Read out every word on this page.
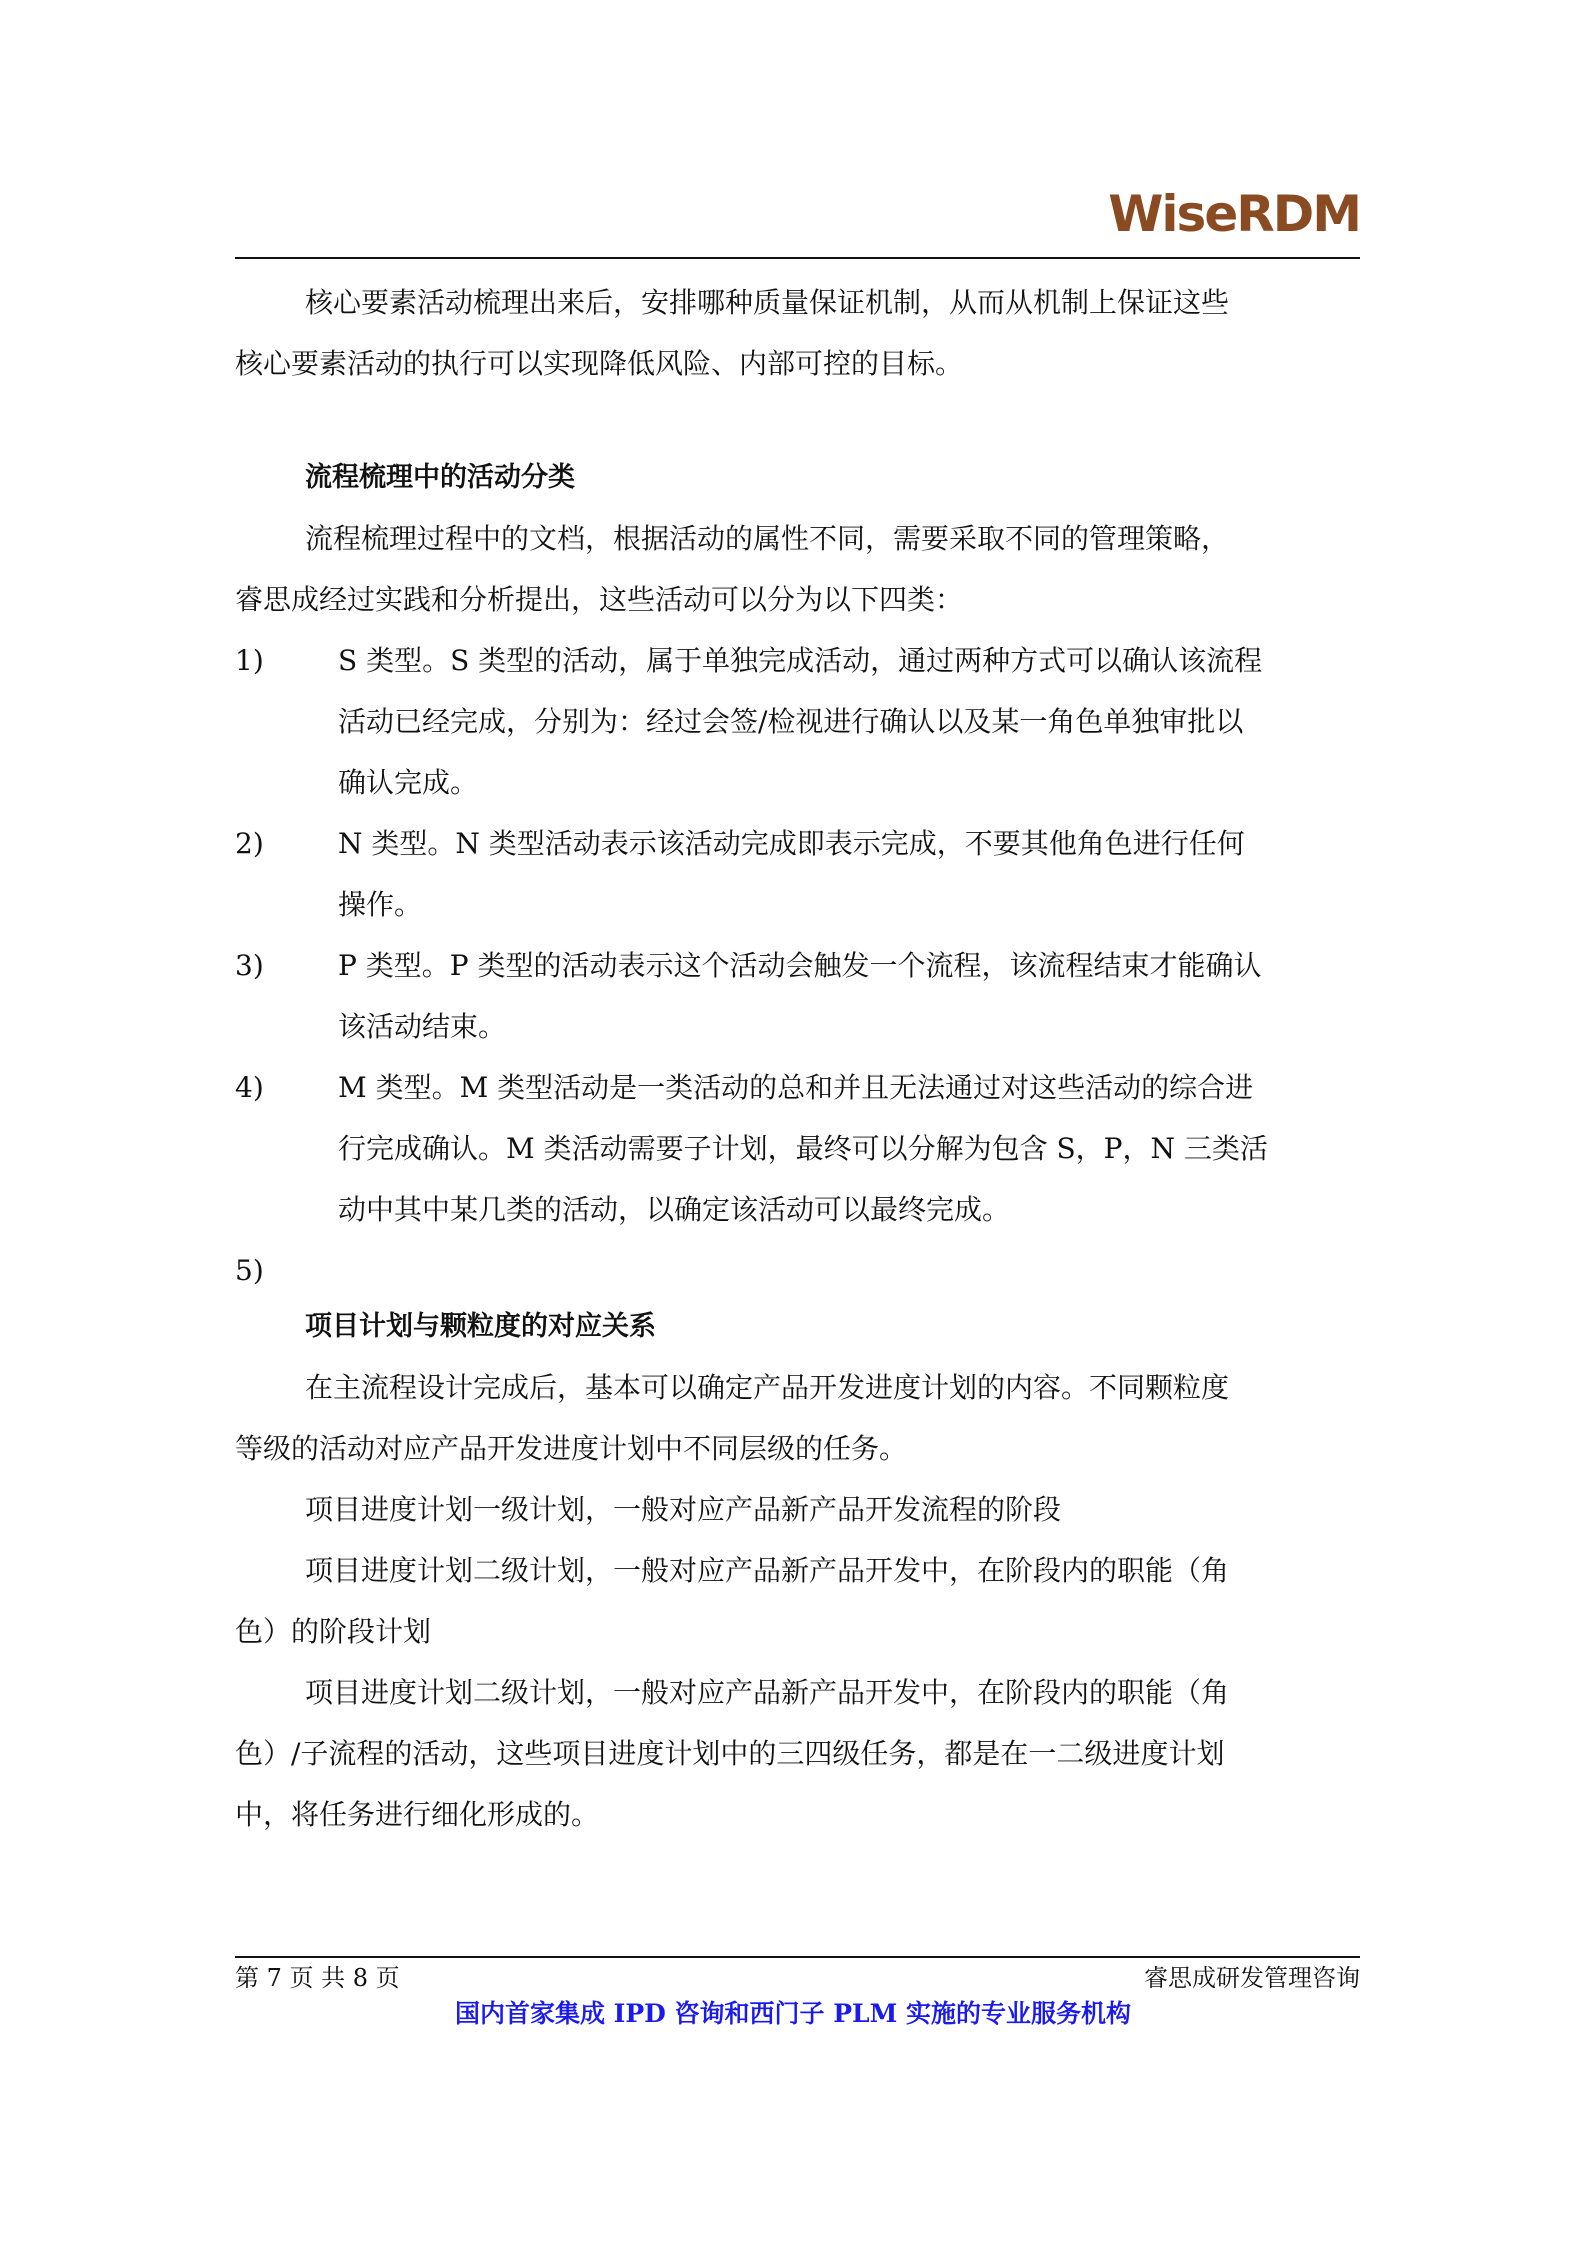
WiseRDM
核心要素活动梳理出来后，安排哪种质量保证机制，从而从机制上保证这些
核心要素活动的执行可以实现降低风险、内部可控的目标。
流程梳理中的活动分类
流程梳理过程中的文档，根据活动的属性不同，需要采取不同的管理策略，
睿思成经过实践和分析提出，这些活动可以分为以下四类：
1)	S 类型。S 类型的活动，属于单独完成活动，通过两种方式可以确认该流程
活动已经完成，分别为：经过会签/检视进行确认以及某一角色单独审批以
确认完成。
2)	N 类型。N 类型活动表示该活动完成即表示完成，不要其他角色进行任何
操作。
3)	P 类型。P 类型的活动表示这个活动会触发一个流程，该流程结束才能确认
该活动结束。
4)	M 类型。M 类型活动是一类活动的总和并且无法通过对这些活动的综合进
行完成确认。M 类活动需要子计划，最终可以分解为包含 S，P，N 三类活
动中其中某几类的活动，以确定该活动可以最终完成。
5)
项目计划与颗粒度的对应关系
在主流程设计完成后，基本可以确定产品开发进度计划的内容。不同颗粒度
等级的活动对应产品开发进度计划中不同层级的任务。
项目进度计划一级计划，一般对应产品新产品开发流程的阶段
项目进度计划二级计划，一般对应产品新产品开发中，在阶段内的职能（角
色）的阶段计划
项目进度计划二级计划，一般对应产品新产品开发中，在阶段内的职能（角
色）/子流程的活动，这些项目进度计划中的三四级任务，都是在一二级进度计划
中，将任务进行细化形成的。
第 7 页 共 8 页	睿思成研发管理咨询
国内首家集成 IPD 咨询和西门子 PLM 实施的专业服务机构
